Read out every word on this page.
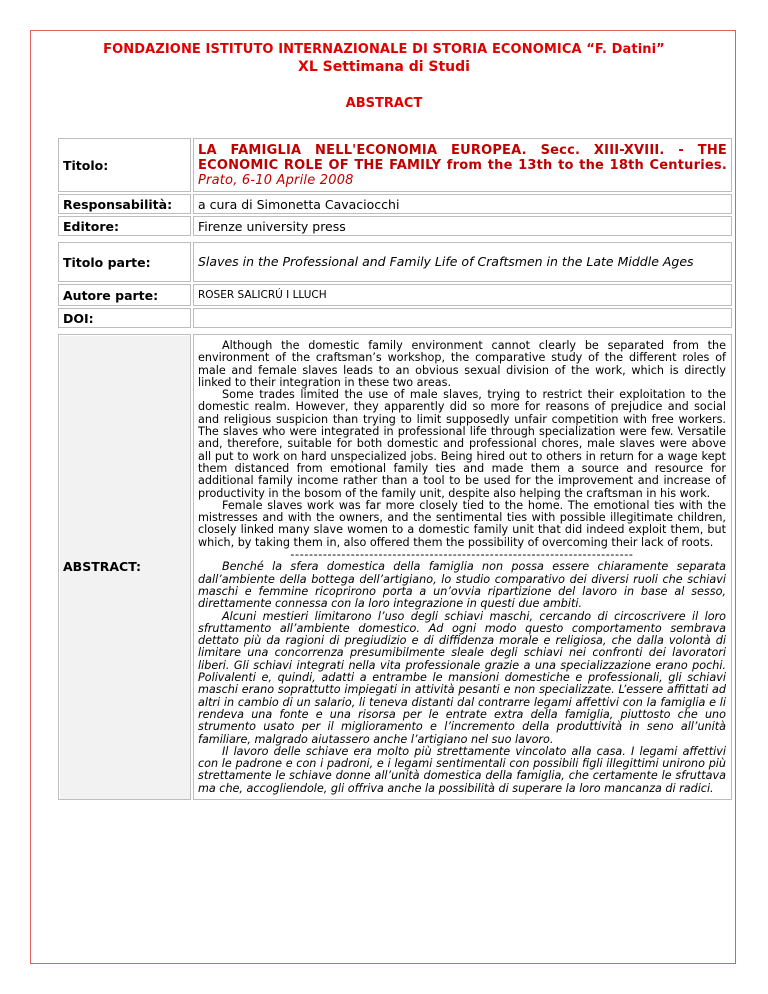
FONDAZIONE ISTITUTO INTERNAZIONALE DI STORIA ECONOMICA “F. Datini”
XL Settimana di Studi
ABSTRACT
Titolo:	LA FAMIGLIA NELL'ECONOMIA EUROPEA. Secc. XIII-XVIII. - THE ECONOMIC ROLE OF THE FAMILY from the 13th to the 18th Centuries. Prato, 6-10 Aprile 2008

Responsabilità:	a cura di Simonetta Cavaciocchi
Editore:	Firenze university press
Titolo parte:	Slaves in the Professional and Family Life of Craftsmen in the Late Middle Ages
Autore parte:	ROSER SALICRÚ I LLUCH
DOI:	
ABSTRACT:	

Although the domestic family environment cannot clearly be separated from the environment of the craftsman’s workshop, the comparative study of the different roles of male and female slaves leads to an obvious sexual division of the work, which is directly linked to their integration in these two areas.

Some trades limited the use of male slaves, trying to restrict their exploitation to the domestic realm. However, they apparently did so more for reasons of prejudice and social and religious suspicion than trying to limit supposedly unfair competition with free workers. The slaves who were integrated in professional life through specialization were few. Versatile and, therefore, suitable for both domestic and professional chores, male slaves were above all put to work on hard unspecialized jobs. Being hired out to others in return for a wage kept them distanced from emotional family ties and made them a source and resource for additional family income rather than a tool to be used for the improvement and increase of productivity in the bosom of the family unit, despite also helping the craftsman in his work.

Female slaves work was far more closely tied to the home. The emotional ties with the mistresses and with the owners, and the sentimental ties with possible illegitimate children, closely linked many slave women to a domestic family unit that did indeed exploit them, but which, by taking them in, also offered them the possibility of overcoming their lack of roots.

--------------------------------------------------------------------------

Benché la sfera domestica della famiglia non possa essere chiaramente separata dall’ambiente della bottega dell’artigiano, lo studio comparativo dei diversi ruoli che schiavi maschi e femmine ricoprirono porta a un’ovvia ripartizione del lavoro in base al sesso, direttamente connessa con la loro integrazione in questi due ambiti.

Alcuni mestieri limitarono l’uso degli schiavi maschi, cercando di circoscrivere il loro sfruttamento all’ambiente domestico. Ad ogni modo questo comportamento sembrava dettato più da ragioni di pregiudizio e di diffidenza morale e religiosa, che dalla volontà di limitare una concorrenza presumibilmente sleale degli schiavi nei confronti dei lavoratori liberi. Gli schiavi integrati nella vita professionale grazie a una specializzazione erano pochi. Polivalenti e, quindi, adatti a entrambe le mansioni domestiche e professionali, gli schiavi maschi erano soprattutto impiegati in attività pesanti e non specializzate. L’essere affittati ad altri in cambio di un salario, li teneva distanti dal contrarre legami affettivi con la famiglia e li rendeva una fonte e una risorsa per le entrate extra della famiglia, piuttosto che uno strumento usato per il miglioramento e l’incremento della produttività in seno all’unità familiare, malgrado aiutassero anche l’artigiano nel suo lavoro.

Il lavoro delle schiave era molto più strettamente vincolato alla casa. I legami affettivi con le padrone e con i padroni, e i legami sentimentali con possibili figli illegittimi unirono più strettamente le schiave donne all’unità domestica della famiglia, che certamente le sfruttava ma che, accogliendole, gli offriva anche la possibilità di superare la loro mancanza di radici.
